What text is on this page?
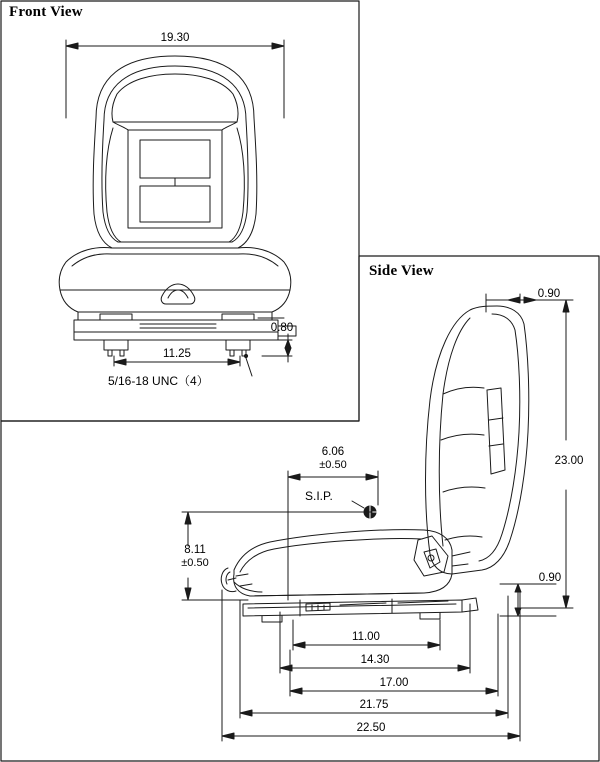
Front View
Side View
19.30
11.25
0.80
5/16-18 UNC（4）
0.90
23.00
0.90
6.06
±0.50
S.I.P.
8.11
±0.50
11.00
14.30
17.00
21.75
22.50
